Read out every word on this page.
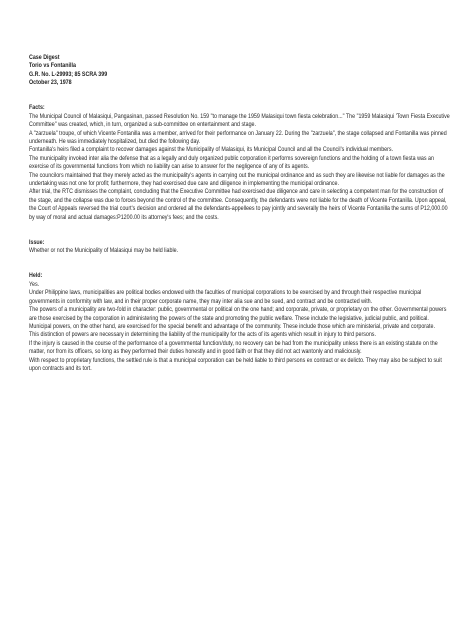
Case Digest
Torio vs Fontanilla
G.R. No. L-29993; 85 SCRA 399
October 23, 1978
Facts:

The Municipal Council of Malasiqui, Pangasinan, passed Resolution No. 159 "to manage the 1959 Malasiqui town fiesta celebration..." The "1959 Malasiqui 'Town Fiesta Executive Committee" was created, which, in turn, organized a sub-committee on entertainment and stage.

A "zarzuela" troupe, of which Vicente Fontanilla was a member, arrived for their performance on January 22. During the "zarzuela", the stage collapsed and Fontanilla was pinned underneath. He was immediately hospitalized, but died the following day.

Fontanilla's heirs filed a complaint to recover damages against the Municipality of Malasiqui, its Municipal Council and all the Council's individual members.

The municipality invoked inter alia the defense that as a legally and duly organized public corporation it performs sovereign functions and the holding of a town fiesta was an exercise of its governmental functions from which no liability can arise to answer for the negligence of any of its agents.

The councilors maintained that they merely acted as the municipality's agents in carrying out the municipal ordinance and as such they are likewise not liable for damages as the undertaking was not one for profit; furthermore, they had exercised due care and diligence in implementing the municipal ordinance.

After trial, the RTC dismisses the complaint, concluding that the Executive Committee had exercised due diligence and care in selecting a competent man for the construction of the stage, and the collapse was due to forces beyond the control of the committee. Consequently, the defendants were not liable for the death of Vicente Fontanilla. Upon appeal, the Court of Appeals reversed the trial court's decision and ordered all the defendants-appellees to pay jointly and severally the heirs of Vicente Fontanilla the sums of P12,000.00 by way of moral and actual damages:P1200.00 its attorney's fees; and the costs.

Issue:

Whether or not the Municipality of Malasiqui may be held liable.

Held:

Yes.

Under Philippine laws, municipalities are political bodies endowed with the faculties of municipal corporations to be exercised by and through their respective municipal governments in conformity with law, and in their proper corporate name, they may inter alia sue and be sued, and contract and be contracted with.

The powers of a municipality are two-fold in character: public, governmental or political on the one hand; and corporate, private, or proprietary on the other. Governmental powers are those exercised by the corporation in administering the powers of the state and promoting the public welfare. These include the legislative, judicial public, and political. Municipal powers, on the other hand, are exercised for the special benefit and advantage of the community. These include those which are ministerial, private and corporate.

This distinction of powers are necessary in determining the liability of the municipality for the acts of its agents which result in injury to third persons.

If the injury is caused in the course of the performance of a governmental function/duty, no recovery can be had from the municipality unless there is an existing statute on the matter, nor from its officers, so long as they performed their duties honestly and in good faith or that they did not act wantonly and maliciously.

With respect to proprietary functions, the settled rule is that a municipal corporation can be held liable to third persons ex contract or ex delicto. They may also be subject to suit upon contracts and its tort.
